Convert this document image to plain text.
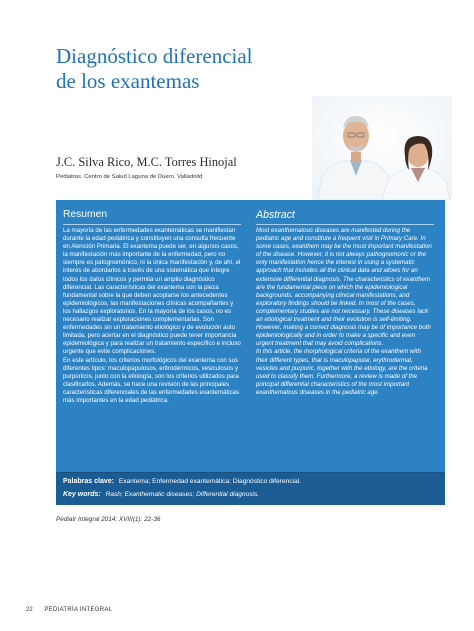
Diagnóstico diferencial
de los exantemas
J.C. Silva Rico, M.C. Torres Hinojal
Pediatras. Centro de Salud Laguna de Duero. Valladolid
Resumen
La mayoría de las enfermedades exantemáticas se manifiestan durante la edad pediátrica y constituyen una consulta frecuente en Atención Primaria. El exantema puede ser, en algunos casos, la manifestación más importante de la enfermedad, pero no siempre es patognomónico, ni la única manifestación y, de ahí, el interés de abordarlos a través de una sistemática que integre todos los datos clínicos y permita un amplio diagnóstico diferencial. Las características del exantema son la pieza fundamental sobre la que deben acoplarse los antecedentes epidemiológicos, las manifestaciones clínicas acompañantes y los hallazgos exploratorios. En la mayoría de los casos, no es necesario realizar exploraciones complementarias. Son enfermedades sin un tratamiento etiológico y de evolución auto limitada, pero acertar en el diagnóstico puede tener importancia epidemiológica y para realizar un tratamiento específico e incluso urgente que evite complicaciones.
En este artículo, los criterios morfológicos del exantema con sus diferentes tipos: maculopapulosos, eritrodérmicos, vesiculosos y purpúricos, junto con la etiología, son los criterios utilizados para clasificarlos. Además, se hace una revisión de las principales características diferenciales de las enfermedades exantemáticas más importantes en la edad pediátrica.
Abstract
Most exanthematous diseases are manifested during the pediatric age and constitute a frequent visit in Primary Care. In some cases, exanthem may be the most important manifestation of the disease. However, it is not always pathognomonic or the only manifestation hence the interest in using a systematic approach that includes all the clinical data and allows for an extensive differential diagnosis. The characteristics of exanthem are the fundamental piece on which the epidemiological backgrounds, accompanying clinical manifestations, and exploratory findings should be linked. In most of the cases, complementary studies are not necessary. These diseases lack an etiological treatment and their evolution is self-limiting. However, making a correct diagnosis may be of importance both epidemiologically and in order to make a specific and even urgent treatment that may avoid complications.
In this article, the morphological criteria of the exanthem with their different types, that is maculopapular, erythrodermal, vesicles and purpuric, together with the etiology, are the criteria used to classify them. Furthermore, a review is made of the principal differential characteristics of the most important exanthematous diseases in the pediatric age.
Palabras clave: Exantema; Enfermedad exantemática; Diagnóstico diferencial.
Key words: Rash; Exanthematic diseases; Differential diagnosis.
Pediatr Integral 2014; XVIII(1): 22-36
22 PEDIATRÍA INTEGRAL
